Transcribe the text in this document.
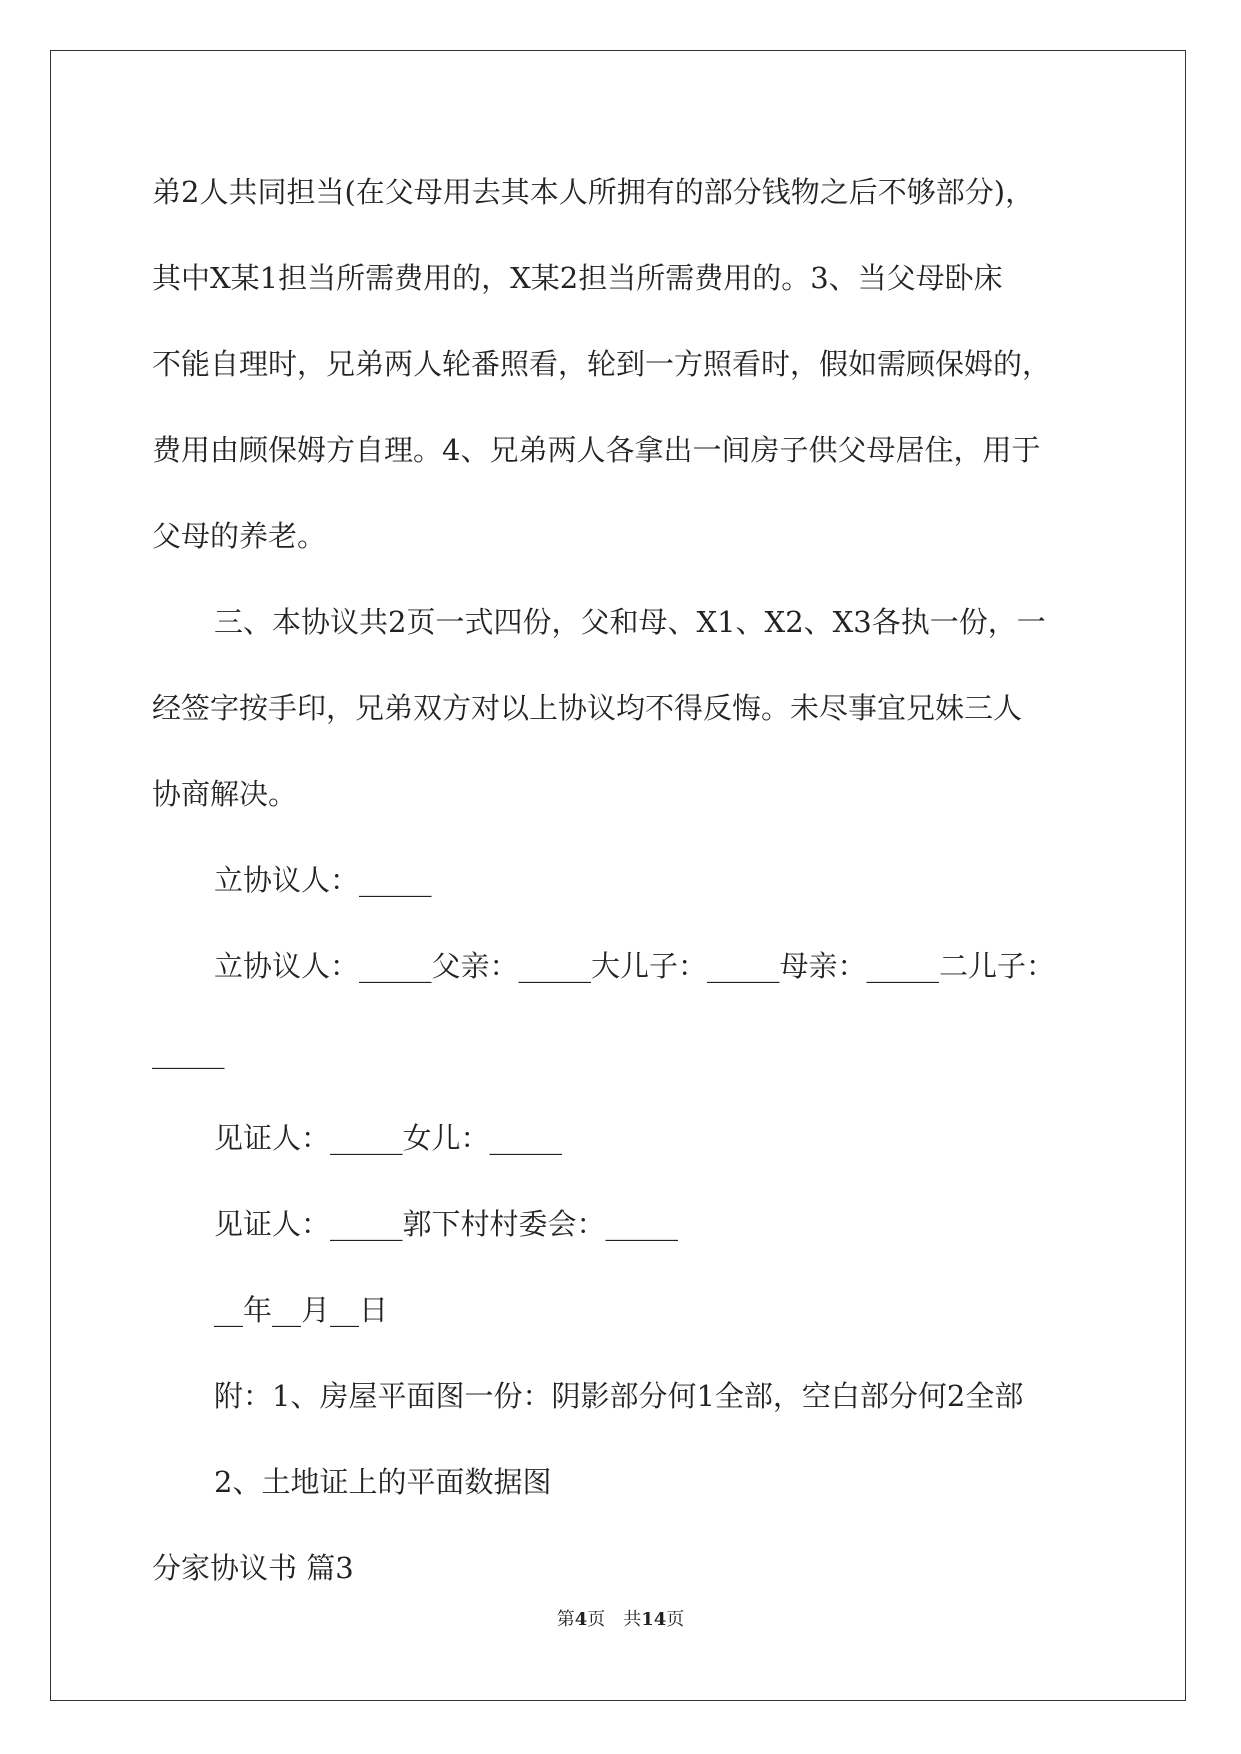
弟2人共同担当(在父母用去其本人所拥有的部分钱物之后不够部分)，
其中X某1担当所需费用的，X某2担当所需费用的。3、当父母卧床
不能自理时，兄弟两人轮番照看，轮到一方照看时，假如需顾保姆的，
费用由顾保姆方自理。4、兄弟两人各拿出一间房子供父母居住，用于
父母的养老。
三、本协议共2页一式四份，父和母、X1、X2、X3各执一份，一
经签字按手印，兄弟双方对以上协议均不得反悔。未尽事宜兄妹三人
协商解决。
立协议人：_____
立协议人：_____父亲：_____大儿子：_____母亲：_____二儿子：
_____
见证人：_____女儿：_____
见证人：_____郭下村村委会：_____
__年__月__日
附：1、房屋平面图一份：阴影部分何1全部，空白部分何2全部
2、土地证上的平面数据图
分家协议书 篇3
第4页　共14页
